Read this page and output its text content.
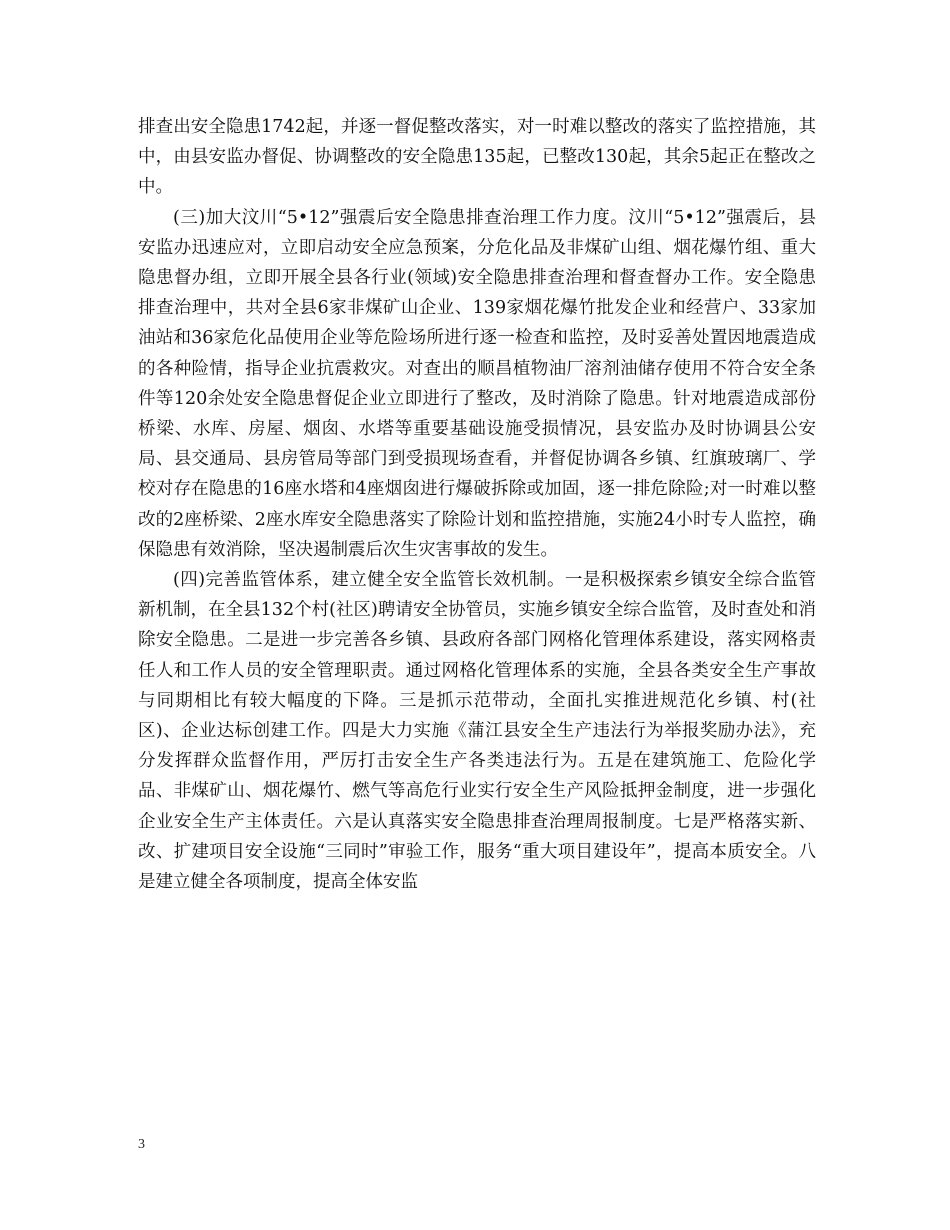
排查出安全隐患1742起，并逐一督促整改落实，对一时难以整改的落实了监控措施，其中，由县安监办督促、协调整改的安全隐患135起，已整改130起，其余5起正在整改之中。

(三)加大汶川“5•12”强震后安全隐患排查治理工作力度。汶川“5•12”强震后，县安监办迅速应对，立即启动安全应急预案，分危化品及非煤矿山组、烟花爆竹组、重大隐患督办组，立即开展全县各行业(领域)安全隐患排查治理和督查督办工作。安全隐患排查治理中，共对全县6家非煤矿山企业、139家烟花爆竹批发企业和经营户、33家加油站和36家危化品使用企业等危险场所进行逐一检查和监控，及时妥善处置因地震造成的各种险情，指导企业抗震救灾。对查出的顺昌植物油厂溶剂油储存使用不符合安全条件等120余处安全隐患督促企业立即进行了整改，及时消除了隐患。针对地震造成部份桥梁、水库、房屋、烟囱、水塔等重要基础设施受损情况，县安监办及时协调县公安局、县交通局、县房管局等部门到受损现场查看，并督促协调各乡镇、红旗玻璃厂、学校对存在隐患的16座水塔和4座烟囱进行爆破拆除或加固，逐一排危除险;对一时难以整改的2座桥梁、2座水库安全隐患落实了除险计划和监控措施，实施24小时专人监控，确保隐患有效消除，坚决遏制震后次生灾害事故的发生。

(四)完善监管体系，建立健全安全监管长效机制。一是积极探索乡镇安全综合监管新机制，在全县132个村(社区)聘请安全协管员，实施乡镇安全综合监管，及时查处和消除安全隐患。二是进一步完善各乡镇、县政府各部门网格化管理体系建设，落实网格责任人和工作人员的安全管理职责。通过网格化管理体系的实施，全县各类安全生产事故与同期相比有较大幅度的下降。三是抓示范带动，全面扎实推进规范化乡镇、村(社区)、企业达标创建工作。四是大力实施《蒲江县安全生产违法行为举报奖励办法》，充分发挥群众监督作用，严厉打击安全生产各类违法行为。五是在建筑施工、危险化学品、非煤矿山、烟花爆竹、燃气等高危行业实行安全生产风险抵押金制度，进一步强化企业安全生产主体责任。六是认真落实安全隐患排查治理周报制度。七是严格落实新、改、扩建项目安全设施“三同时”审验工作，服务“重大项目建设年”，提高本质安全。八是建立健全各项制度，提高全体安监

3
